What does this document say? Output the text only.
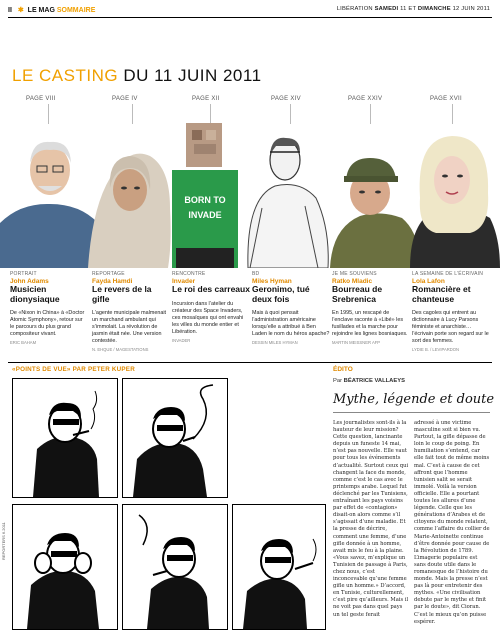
II ✱ LE MAG SOMMAIRE	LIBÉRATION SAMEDI 11 ET DIMANCHE 12 JUIN 2011
LE CASTING DU 11 JUIN 2011
PAGE VIII	PAGE IV	PAGE XII	PAGE XIV	PAGE XXIV	PAGE XVII
BORN TO
INVADE
PORTRAIT
John Adams
Musicien dionysiaque
De «Nixon in China» à «Doctor Atomic Symphony», retour sur le parcours du plus grand compositeur vivant.
ERIC BAHAM
REPORTAGE
Fayda Hamdi
Le revers de la gifle
L’agente municipale malmenait un marchand ambulant qui s’immolait. La révolution de jasmin était née. Une version contestée.
N. EHQUE / MAGESTATIONS
RENCONTRE
Invader
Le roi des carreaux
Incursion dans l’atelier du créateur des Space Invaders, ces mosaïques qui ont envahi les villes du monde entier et Libération.
INVADER
BD
Miles Hyman
Geronimo, tué deux fois
Mais à quoi pensait l’administration américaine lorsqu’elle a attribué à Ben Laden le nom du héros apache?
DESSIN MILES HYMAN
JE ME SOUVIENS
Ratko Mladic
Bourreau de Srebrenica
En 1995, un rescapé de l’enclave raconte à «Libé» les fusillades et la marche pour rejoindre les lignes bosniaques.
MARTIN MEISSNER AFP
LA SEMAINE DE L’ÉCRIVAIN
Lola Lafon
Romancière et chanteuse
Des cagoles qui entrent au dictionnaire à Lucy Parsons féministe et anarchiste… l’écrivain porte son regard sur le sort des femmes.
LYDIE B. / LEVIPARDON
«POINTS DE VUE» PAR PETER KUPER
REPORTERS 6.2011
ÉDITO
Par BÉATRICE VALLAEYS
Mythe, légende et doute
Les journalistes sont-ils à la hauteur de leur mission? Cette question, lancinante depuis un funeste 14 mai, n’est pas nouvelle. Elle vaut pour tous les événements d’actualité. Surtout ceux qui changent la face du monde, comme c’est le cas avec le printemps arabe. Lequel fut déclenché par les Tunisiens, entraînant les pays voisins par effet de «contagion» disait-on alors comme s’il s’agissait d’une maladie. Et la presse de décrire, comment une femme, d’une gifle donnée à un homme, avait mis le feu à la plaine. «Vous savez, m’explique un Tunisien de passage à Paris, chez nous, c’est inconcevable qu’une femme gifle un homme.» D’accord, en Tunisie, culturellement, c’est pire qu’ailleurs. Mais il ne voit pas dans quel pays un tel geste ferait
adressé à une victime masculine soit si bien vu. Partout, la gifle dépasse de loin le coup de poing. En humiliation s’entend, car elle fait tout de même moins mal. C’est à cause de cet affront que l’homme tunisien salit se serait immolé. Voilà la version officielle. Elle a pourtant toutes les allures d’une légende. Celle que les générations d’Arabes et de citoyens du monde relatent, comme l’affaire du collier de Marie-Antoinette continue d’être donnée pour cause de la Révolution de 1789. L’imagerie populaire est sans doute utile dans le romanesque de l’histoire du monde. Mais la presse n’est pas là pour entretenir des mythes. «Une civilisation debute par le mythe et finit par le doute», dit Cioran. C’est le mieux qu’on puisse espérer.
